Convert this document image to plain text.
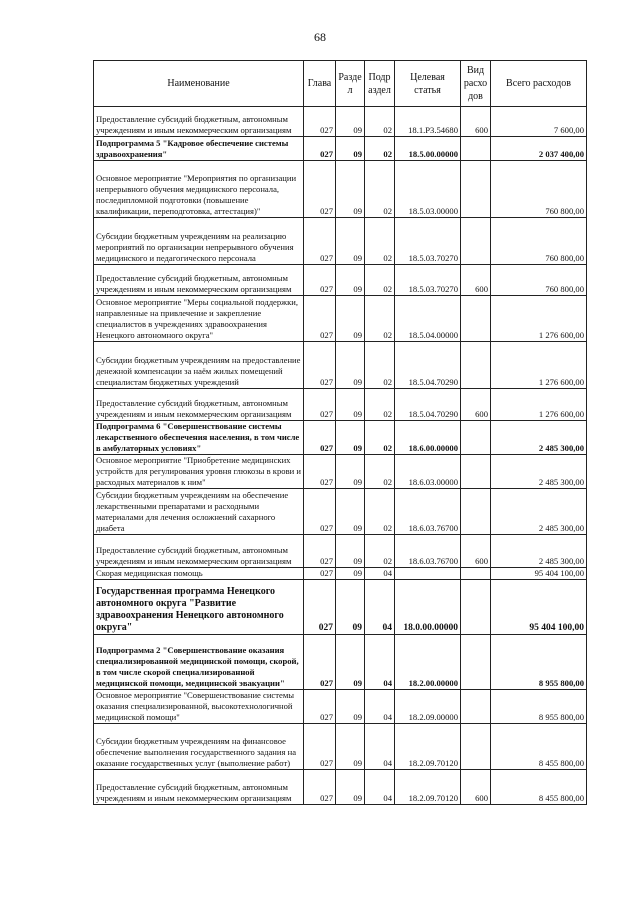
68
Наименование	Глава	Разде л	Подр аздел	Целевая статья	Вид расхо дов	Всего расходов
Предоставление субсидий бюджетным, автономным учреждениям и иным некоммерческим организациям	027	09	02	18.1.Р3.54680	600	7 600,00
Подпрограмма 5 "Кадровое обеспечение системы здравоохранения"	027	09	02	18.5.00.00000		2 037 400,00
Основное мероприятие "Мероприятия по организации непрерывного обучения медицинского персонала, последипломной подготовки (повышение квалификации, переподготовка, аттестация)"	027	09	02	18.5.03.00000		760 800,00
Субсидии бюджетным учреждениям на реализацию мероприятий по организации непрерывного обучения медицинского и педагогического персонала	027	09	02	18.5.03.70270		760 800,00
Предоставление субсидий бюджетным, автономным учреждениям и иным некоммерческим организациям	027	09	02	18.5.03.70270	600	760 800,00
Основное мероприятие "Меры социальной поддержки, направленные на привлечение и закрепление специалистов в учреждениях здравоохранения Ненецкого автономного округа"	027	09	02	18.5.04.00000		1 276 600,00
Субсидии бюджетным учреждениям на предоставление денежной компенсации за наём жилых помещений специалистам бюджетных учреждений	027	09	02	18.5.04.70290		1 276 600,00
Предоставление субсидий бюджетным, автономным учреждениям и иным некоммерческим организациям	027	09	02	18.5.04.70290	600	1 276 600,00
Подпрограмма 6 "Совершенствование системы лекарственного обеспечения населения, в том числе в амбулаторных условиях"	027	09	02	18.6.00.00000		2 485 300,00
Основное мероприятие "Приобретение медицинских устройств для регулирования уровня глюкозы в крови и расходных материалов к ним"	027	09	02	18.6.03.00000		2 485 300,00
Субсидии бюджетным учреждениям на обеспечение лекарственными препаратами и расходными материалами для лечения осложнений сахарного диабета	027	09	02	18.6.03.76700		2 485 300,00
Предоставление субсидий бюджетным, автономным учреждениям и иным некоммерческим организациям	027	09	02	18.6.03.76700	600	2 485 300,00
Скорая медицинская помощь	027	09	04			95 404 100,00
Государственная программа Ненецкого автономного округа "Развитие здравоохранения Ненецкого автономного округа"	027	09	04	18.0.00.00000		95 404 100,00
Подпрограмма 2 "Совершенствование оказания специализированной медицинской помощи, скорой, в том числе скорой специализированной медицинской помощи, медицинской эвакуации"	027	09	04	18.2.00.00000		8 955 800,00
Основное мероприятие "Совершенствование системы оказания специализированной, высокотехнологичной медицинской помощи"	027	09	04	18.2.09.00000		8 955 800,00
Субсидии бюджетным учреждениям на финансовое обеспечение выполнения государственного задания на оказание государственных услуг (выполнение работ)	027	09	04	18.2.09.70120		8 455 800,00
Предоставление субсидий бюджетным, автономным учреждениям и иным некоммерческим организациям	027	09	04	18.2.09.70120	600	8 455 800,00
